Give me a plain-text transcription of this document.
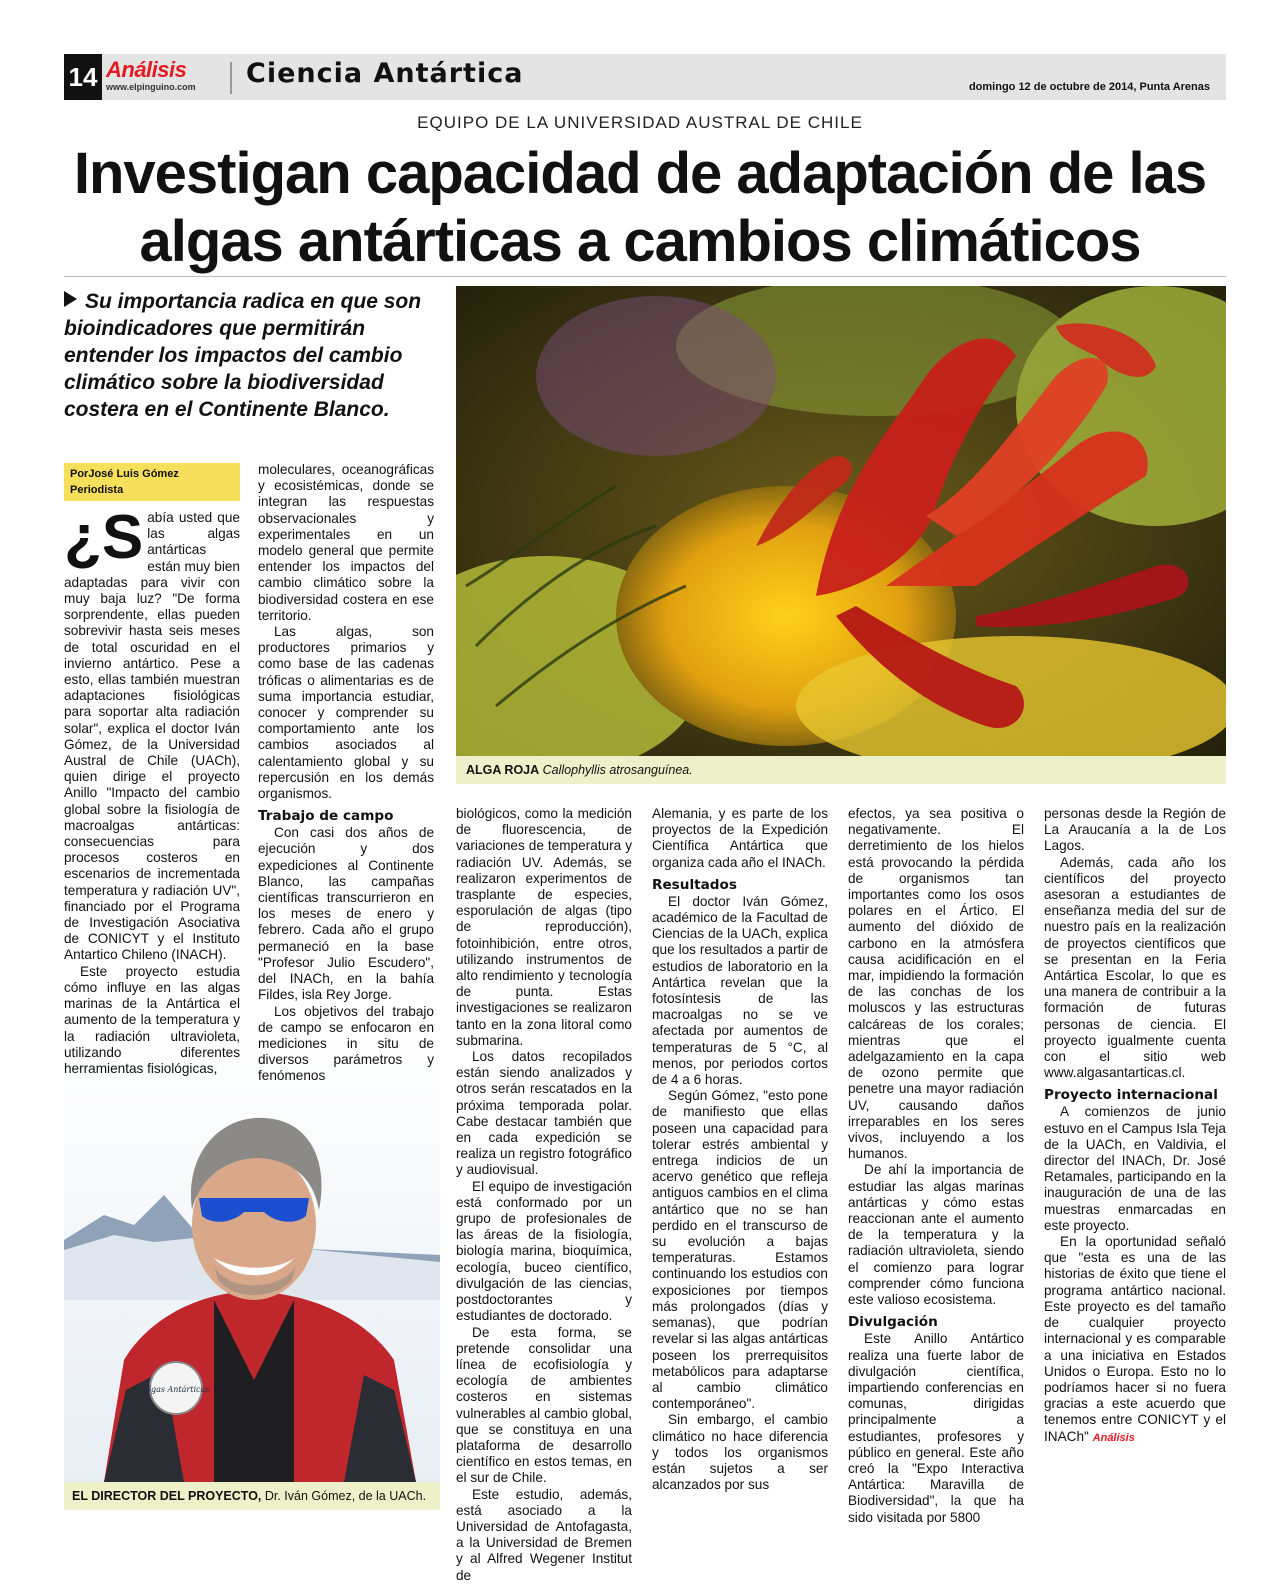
14 Análisis
www.elpinguino.com	Ciencia Antártica	domingo 12 de octubre de 2014, Punta Arenas
EQUIPO DE LA UNIVERSIDAD AUSTRAL DE CHILE
Investigan capacidad de adaptación de las algas antárticas a cambios climáticos
Su importancia radica en que son bioindicadores que permitirán entender los impactos del cambio climático sobre la biodiversidad costera en el Continente Blanco.
PorJosé Luis Gómez
Periodista
ALGA ROJA Callophyllis atrosanguínea.
Algas Antárticas
EL DIRECTOR DEL PROYECTO, Dr. Iván Gómez, de la UACh.
¿S abía usted que las algas antárticas están muy bien adaptadas para vivir con muy baja luz? "De forma sorprendente, ellas pueden sobrevivir hasta seis meses de total oscuridad en el invierno antártico. Pese a esto, ellas también muestran adaptaciones fisiológicas para soportar alta radiación solar", explica el doctor Iván Gómez, de la Universidad Austral de Chile (UACh), quien dirige el proyecto Anillo "Impacto del cambio global sobre la fisiología de macroalgas antárticas: consecuencias para procesos costeros en escenarios de incrementada temperatura y radiación UV", financiado por el Programa de Investigación Asociativa de CONICYT y el Instituto Antartico Chileno (INACH).

Este proyecto estudia cómo influye en las algas marinas de la Antártica el aumento de la temperatura y la radiación ultravioleta, utilizando diferentes herramientas fisiológicas,

moleculares, oceanográficas y ecosistémicas, donde se integran las respuestas observacionales y experimentales en un modelo general que permite entender los impactos del cambio climático sobre la biodiversidad costera en ese territorio.

Las algas, son productores primarios y como base de las cadenas tróficas o alimentarias es de suma importancia estudiar, conocer y comprender su comportamiento ante los cambios asociados al calentamiento global y su repercusión en los demás organismos.

Trabajo de campo

Con casi dos años de ejecución y dos expediciones al Continente Blanco, las campañas científicas transcurrieron en los meses de enero y febrero. Cada año el grupo permaneció en la base "Profesor Julio Escudero", del INACh, en la bahía Fildes, isla Rey Jorge.

Los objetivos del trabajo de campo se enfocaron en mediciones in situ de diversos parámetros y fenómenos

biológicos, como la medición de fluorescencia, de variaciones de temperatura y radiación UV. Además, se realizaron experimentos de trasplante de especies, esporulación de algas (tipo de reproducción), fotoinhibición, entre otros, utilizando instrumentos de alto rendimiento y tecnología de punta. Estas investigaciones se realizaron tanto en la zona litoral como submarina.

Los datos recopilados están siendo analizados y otros serán rescatados en la próxima temporada polar. Cabe destacar también que en cada expedición se realiza un registro fotográfico y audiovisual.

El equipo de investigación está conformado por un grupo de profesionales de las áreas de la fisiología, biología marina, bioquímica, ecología, buceo científico, divulgación de las ciencias, postdoctorantes y estudiantes de doctorado.

De esta forma, se pretende consolidar una línea de ecofisiología y ecología de ambientes costeros en sistemas vulnerables al cambio global, que se constituya en una plataforma de desarrollo científico en estos temas, en el sur de Chile.

Este estudio, además, está asociado a la Universidad de Antofagasta, a la Universidad de Bremen y al Alfred Wegener Institut de

Alemania, y es parte de los proyectos de la Expedición Científica Antártica que organiza cada año el INACh.

Resultados

El doctor Iván Gómez, académico de la Facultad de Ciencias de la UACh, explica que los resultados a partir de estudios de laboratorio en la Antártica revelan que la fotosíntesis de las macroalgas no se ve afectada por aumentos de temperaturas de 5 °C, al menos, por periodos cortos de 4 a 6 horas.

Según Gómez, "esto pone de manifiesto que ellas poseen una capacidad para tolerar estrés ambiental y entrega indicios de un acervo genético que refleja antiguos cambios en el clima antártico que no se han perdido en el transcurso de su evolución a bajas temperaturas. Estamos continuando los estudios con exposiciones por tiempos más prolongados (días y semanas), que podrían revelar si las algas antárticas poseen los prerrequisitos metabólicos para adaptarse al cambio climático contemporáneo".

Sin embargo, el cambio climático no hace diferencia y todos los organismos están sujetos a ser alcanzados por sus

efectos, ya sea positiva o negativamente. El derretimiento de los hielos está provocando la pérdida de organismos tan importantes como los osos polares en el Ártico. El aumento del dióxido de carbono en la atmósfera causa acidificación en el mar, impidiendo la formación de las conchas de los moluscos y las estructuras calcáreas de los corales; mientras que el adelgazamiento en la capa de ozono permite que penetre una mayor radiación UV, causando daños irreparables en los seres vivos, incluyendo a los humanos.

De ahí la importancia de estudiar las algas marinas antárticas y cómo estas reaccionan ante el aumento de la temperatura y la radiación ultravioleta, siendo el comienzo para lograr comprender cómo funciona este valioso ecosistema.

Divulgación

Este Anillo Antártico realiza una fuerte labor de divulgación científica, impartiendo conferencias en comunas, dirigidas principalmente a estudiantes, profesores y público en general. Este año creó la "Expo Interactiva Antártica: Maravilla de Biodiversidad", la que ha sido visitada por 5800

personas desde la Región de La Araucanía a la de Los Lagos.

Además, cada año los científicos del proyecto asesoran a estudiantes de enseñanza media del sur de nuestro país en la realización de proyectos científicos que se presentan en la Feria Antártica Escolar, lo que es una manera de contribuir a la formación de futuras personas de ciencia. El proyecto igualmente cuenta con el sitio web www.algasantarticas.cl.

Proyecto internacional

A comienzos de junio estuvo en el Campus Isla Teja de la UACh, en Valdivia, el director del INACh, Dr. José Retamales, participando en la inauguración de una de las muestras enmarcadas en este proyecto.

En la oportunidad señaló que "esta es una de las historias de éxito que tiene el programa antártico nacional. Este proyecto es del tamaño de cualquier proyecto internacional y es comparable a una iniciativa en Estados Unidos o Europa. Esto no lo podríamos hacer si no fuera gracias a este acuerdo que tenemos entre CONICYT y el INACh" Análisis
